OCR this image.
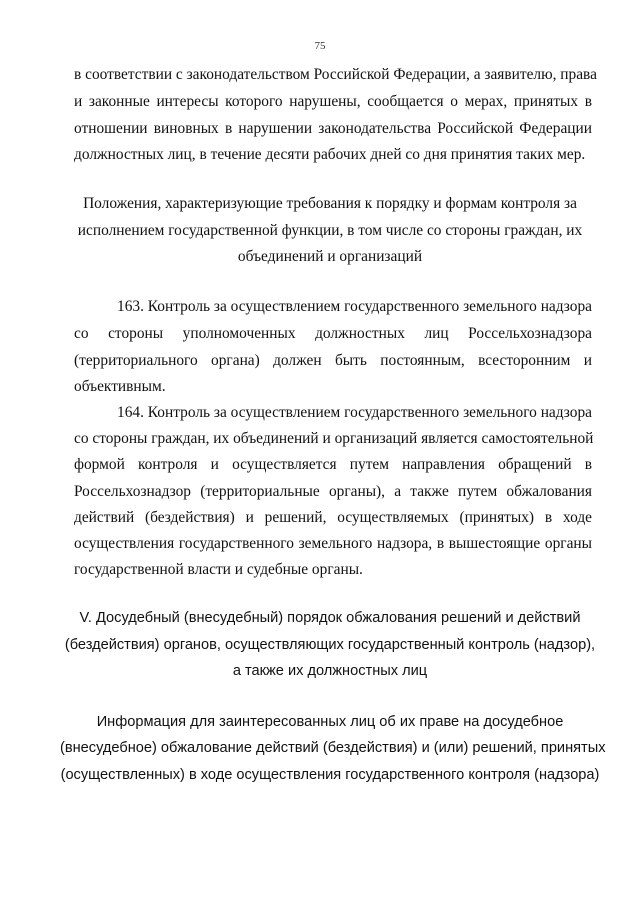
75
в соответствии с законодательством Российской Федерации, а заявителю, права
и законные интересы которого нарушены, сообщается о мерах, принятых в
отношении виновных в нарушении законодательства Российской Федерации
должностных лиц, в течение десяти рабочих дней со дня принятия таких мер.
Положения, характеризующие требования к порядку и формам контроля за
исполнением государственной функции, в том числе со стороны граждан, их
объединений и организаций
163. Контроль за осуществлением государственного земельного надзора
со стороны уполномоченных должностных лиц Россельхознадзора
(территориального органа) должен быть постоянным, всесторонним и
объективным.
164. Контроль за осуществлением государственного земельного надзора
со стороны граждан, их объединений и организаций является самостоятельной
формой контроля и осуществляется путем направления обращений в
Россельхознадзор (территориальные органы), а также путем обжалования
действий (бездействия) и решений, осуществляемых (принятых) в ходе
осуществления государственного земельного надзора, в вышестоящие органы
государственной власти и судебные органы.
V. Досудебный (внесудебный) порядок обжалования решений и действий
(бездействия) органов, осуществляющих государственный контроль (надзор),
а также их должностных лиц
Информация для заинтересованных лиц об их праве на досудебное
(внесудебное) обжалование действий (бездействия) и (или) решений, принятых
(осуществленных) в ходе осуществления государственного контроля (надзора)
